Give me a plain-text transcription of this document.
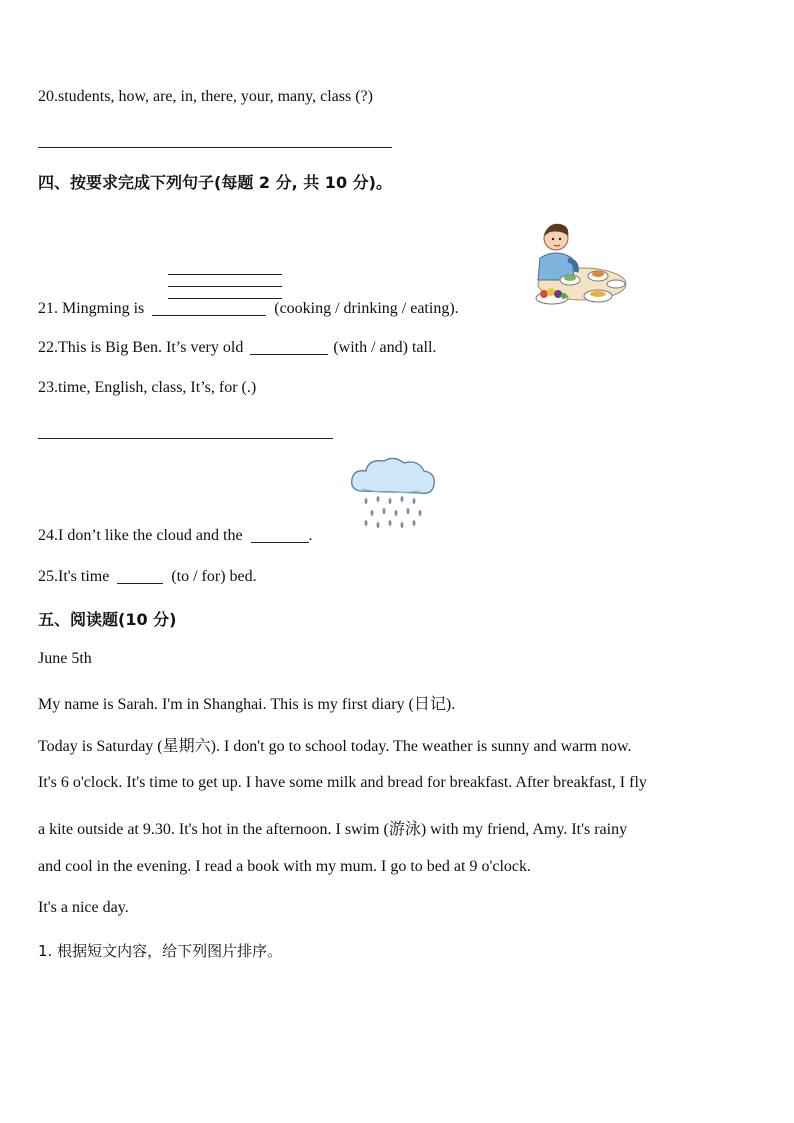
20.students, how, are, in, there, your, many, class (?)
四、按要求完成下列句子(每题 2 分, 共 10 分)。
21. Mingming is	(cooking / drinking / eating).
22.This is Big Ben. It’s very old	(with / and) tall.
23.time, English, class, It’s, for (.)
24.I don’t like the cloud and the	.
25.It's time	(to / for) bed.
五、阅读题(10 分)
June 5th
My name is Sarah. I'm in Shanghai. This is my first diary (日记).
Today is Saturday (星期六). I don't go to school today. The weather is sunny and warm now.
It's 6 o'clock. It's time to get up. I have some milk and bread for breakfast. After breakfast, I fly
a kite outside at 9.30. It's hot in the afternoon. I swim (游泳) with my friend, Amy. It's rainy
and cool in the evening. I read a book with my mum. I go to bed at 9 o'clock.
It's a nice day.
1. 根据短文内容，给下列图片排序。
